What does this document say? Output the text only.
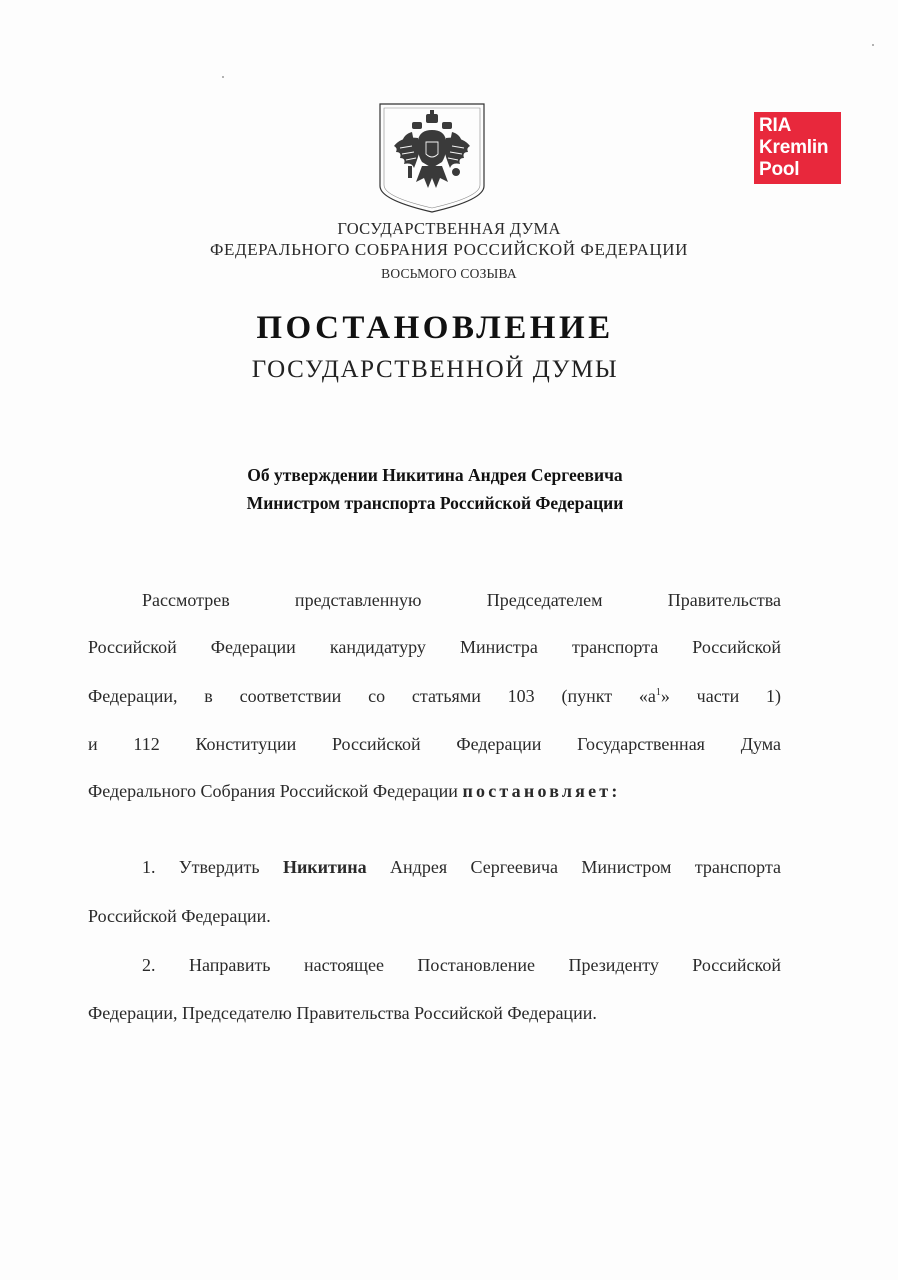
RIA
Kremlin
Pool
ГОСУДАРСТВЕННАЯ ДУМА
ФЕДЕРАЛЬНОГО СОБРАНИЯ РОССИЙСКОЙ ФЕДЕРАЦИИ
ВОСЬМОГО СОЗЫВА
ПОСТАНОВЛЕНИЕ
ГОСУДАРСТВЕННОЙ ДУМЫ
Об утверждении Никитина Андрея Сергеевича
Министром транспорта Российской Федерации
Рассмотрев представленную Председателем Правительства
Российской Федерации кандидатуру Министра транспорта Российской
Федерации, в соответствии со статьями 103 (пункт «$а^1$» части 1)
и 112 Конституции Российской Федерации Государственная Дума
Федерального Собрания Российской Федерации постановляет:
1. Утвердить Никитина Андрея Сергеевича Министром транспорта
Российской Федерации.
2. Направить настоящее Постановление Президенту Российской
Федерации, Председателю Правительства Российской Федерации.
